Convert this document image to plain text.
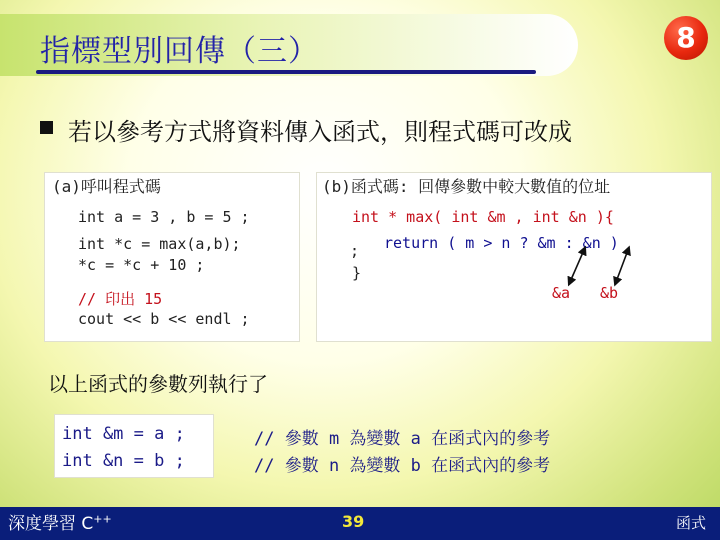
指標型別回傳（三）	8
若以參考方式將資料傳入函式，則程式碼可改成
(a)呼叫程式碼
int a = 3 , b = 5 ;
int *c = max(a,b);
*c = *c + 10 ;
// 印出 15
cout << b << endl ;
(b)函式碼: 回傳參數中較大數值的位址
int * max( int &m , int &n ){
return ( m > n ? &m : &n )
;
}
&a &b
以上函式的參數列執行了
int &m = a ;
int &n = b ;
// 參數 m 為變數 a 在函式內的參考
// 參數 n 為變數 b 在函式內的參考
深度學習 C++	39	函式
